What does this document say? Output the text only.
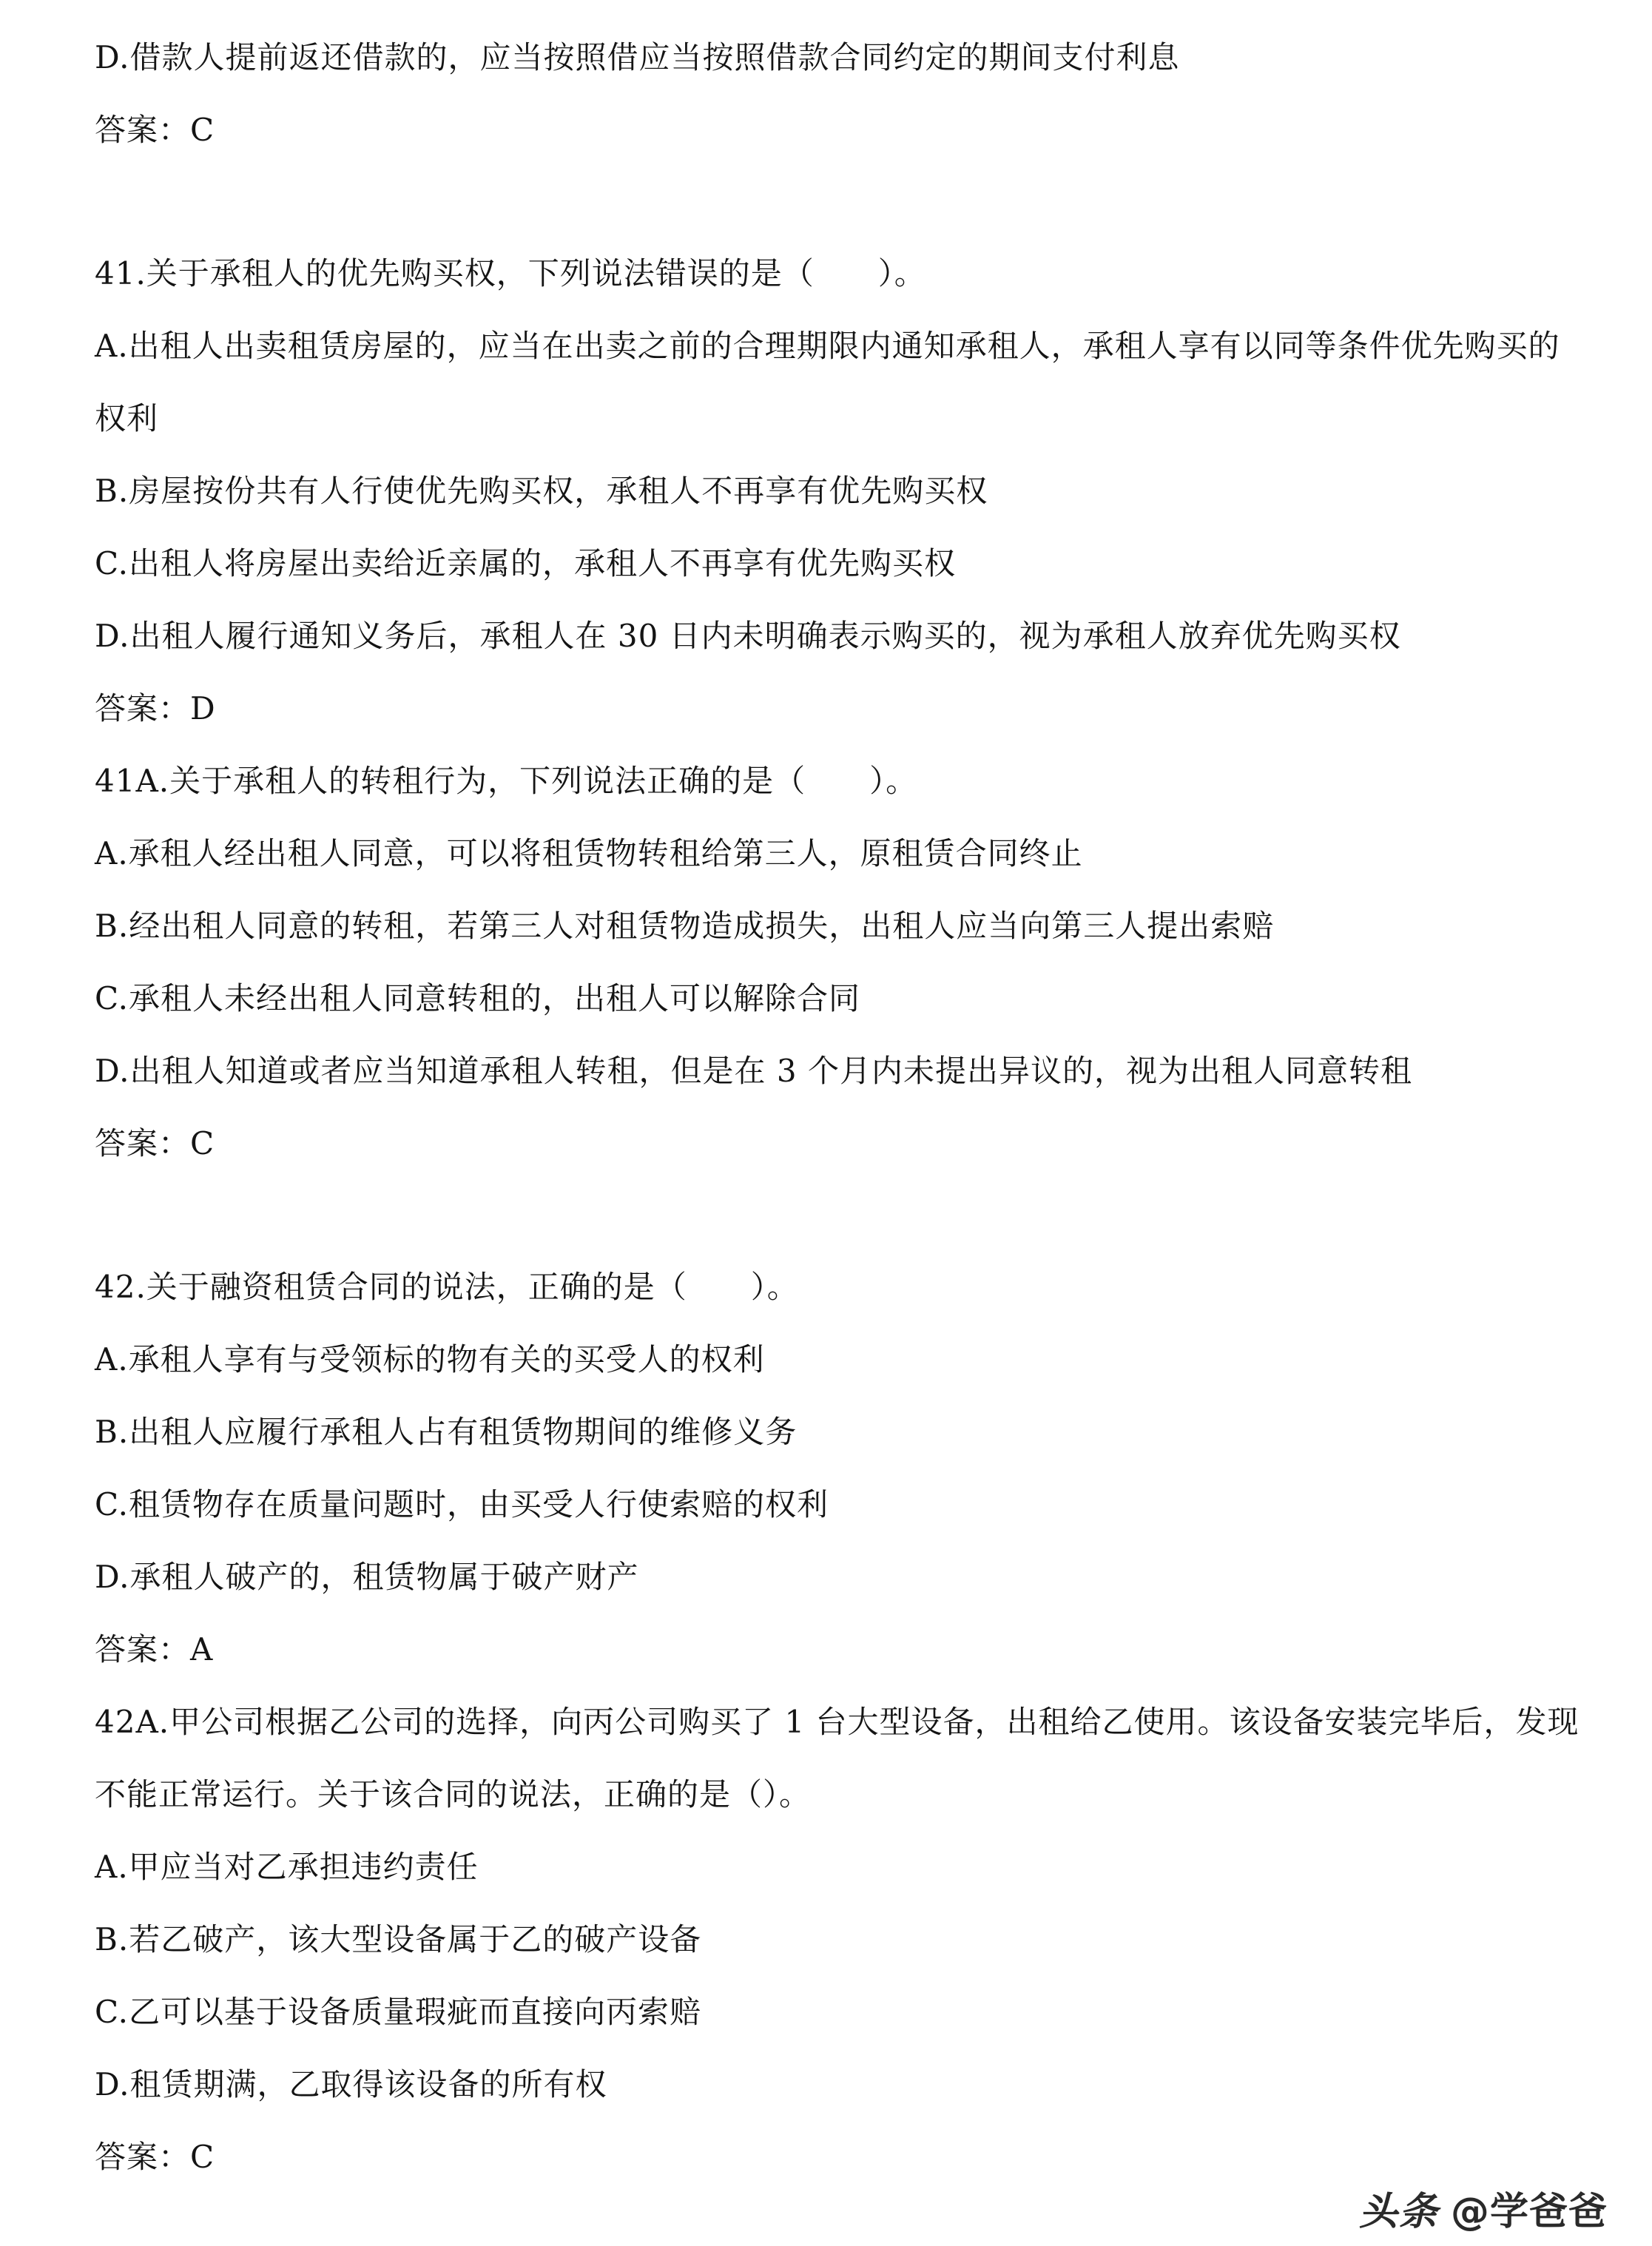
D.借款人提前返还借款的，应当按照借应当按照借款合同约定的期间支付利息
答案：C
41.关于承租人的优先购买权，下列说法错误的是（　　）。
A.出租人出卖租赁房屋的，应当在出卖之前的合理期限内通知承租人，承租人享有以同等条件优先购买的
权利
B.房屋按份共有人行使优先购买权，承租人不再享有优先购买权
C.出租人将房屋出卖给近亲属的，承租人不再享有优先购买权
D.出租人履行通知义务后，承租人在 30 日内未明确表示购买的，视为承租人放弃优先购买权
答案：D
41A.关于承租人的转租行为，下列说法正确的是（　　）。
A.承租人经出租人同意，可以将租赁物转租给第三人，原租赁合同终止
B.经出租人同意的转租，若第三人对租赁物造成损失，出租人应当向第三人提出索赔
C.承租人未经出租人同意转租的，出租人可以解除合同
D.出租人知道或者应当知道承租人转租，但是在 3 个月内未提出异议的，视为出租人同意转租
答案：C
42.关于融资租赁合同的说法，正确的是（　　）。
A.承租人享有与受领标的物有关的买受人的权利
B.出租人应履行承租人占有租赁物期间的维修义务
C.租赁物存在质量问题时，由买受人行使索赔的权利
D.承租人破产的，租赁物属于破产财产
答案：A
42A.甲公司根据乙公司的选择，向丙公司购买了 1 台大型设备，出租给乙使用。该设备安装完毕后，发现
不能正常运行。关于该合同的说法，正确的是（）。
A.甲应当对乙承担违约责任
B.若乙破产，该大型设备属于乙的破产设备
C.乙可以基于设备质量瑕疵而直接向丙索赔
D.租赁期满，乙取得该设备的所有权
答案：C
头条 @学爸爸
